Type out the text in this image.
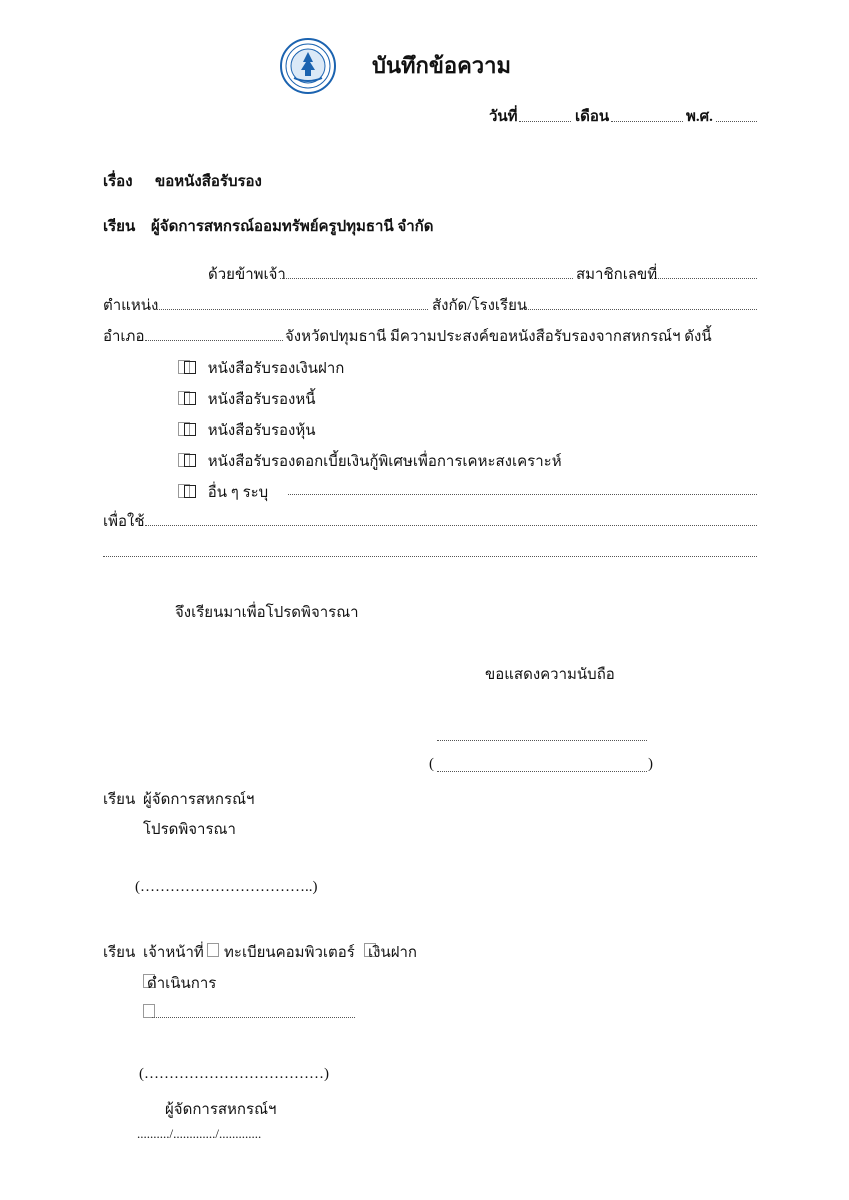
บันทึกข้อความ
วันที่	เดือน	พ.ศ.
เรื่อง ขอหนังสือรับรอง
เรียน ผู้จัดการสหกรณ์ออมทรัพย์ครูปทุมธานี จำกัด
ด้วยข้าพเจ้า	สมาชิกเลขที่
ตำแหน่ง	สังกัด/โรงเรียน
อำเภอ	จังหวัดปทุมธานี มีความประสงค์ขอหนังสือรับรองจากสหกรณ์ฯ ดังนี้
หนังสือรับรองเงินฝาก
หนังสือรับรองหนี้
หนังสือรับรองหุ้น
หนังสือรับรองดอกเบี้ยเงินกู้พิเศษเพื่อการเคหะสงเคราะห์
อื่น ๆ ระบุ
เพื่อใช้
จึงเรียนมาเพื่อโปรดพิจารณา
ขอแสดงความนับถือ
(	)
เรียน ผู้จัดการสหกรณ์ฯ
โปรดพิจารณา
(……………………………..)
เรียน เจ้าหน้าที่ ทะเบียนคอมพิวเตอร์ เงินฝาก
ดำเนินการ
(………………………………)
ผู้จัดการสหกรณ์ฯ
........../............./.............
